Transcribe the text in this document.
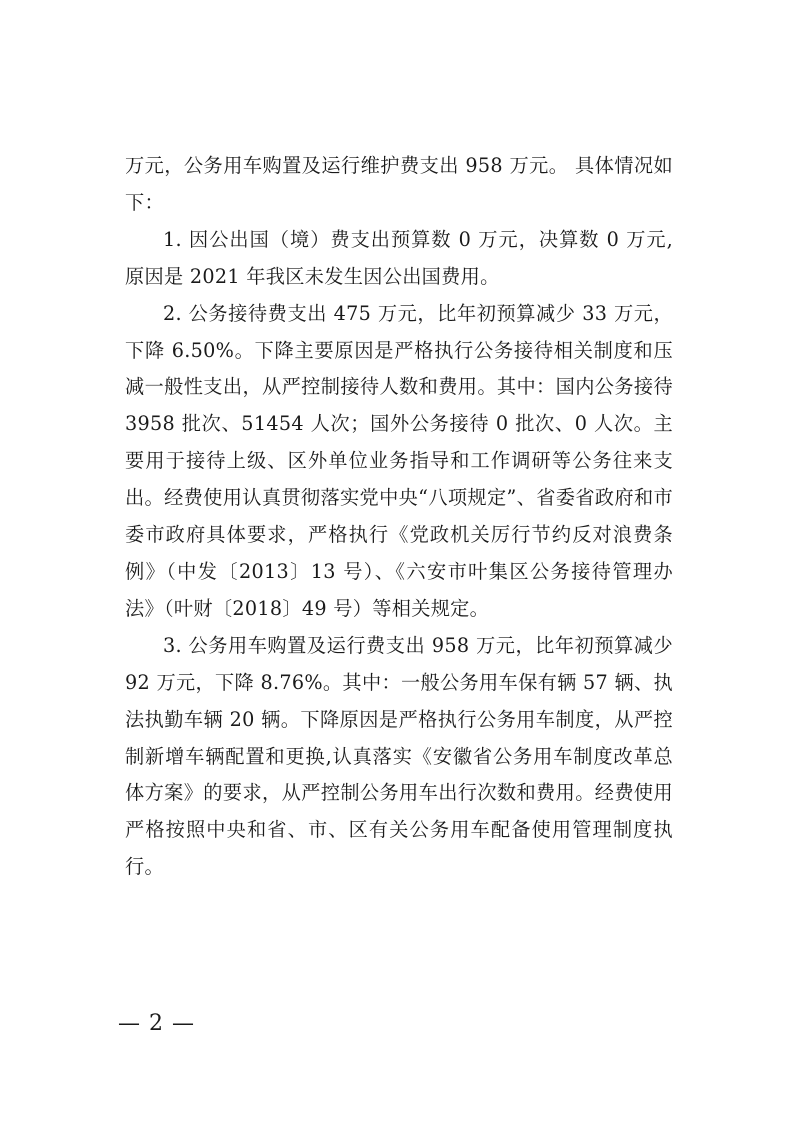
万元，公务用车购置及运行维护费支出 958 万元。 具体情况如下：

1. 因公出国（境）费支出预算数 0 万元，决算数 0 万元,原因是 2021 年我区未发生因公出国费用。

2. 公务接待费支出 475 万元，比年初预算减少 33 万元，下降 6.50%。下降主要原因是严格执行公务接待相关制度和压减一般性支出，从严控制接待人数和费用。其中：国内公务接待 3958 批次、51454 人次；国外公务接待 0 批次、0 人次。主要用于接待上级、区外单位业务指导和工作调研等公务往来支出。经费使用认真贯彻落实党中央“八项规定”、省委省政府和市委市政府具体要求，严格执行《党政机关厉行节约反对浪费条例》（中发〔2013〕13 号）、《六安市叶集区公务接待管理办法》（叶财〔2018〕49 号）等相关规定。

3. 公务用车购置及运行费支出 958 万元，比年初预算减少 92 万元，下降 8.76%。其中：一般公务用车保有辆 57 辆、执法执勤车辆 20 辆。下降原因是严格执行公务用车制度，从严控制新增车辆配置和更换,认真落实《安徽省公务用车制度改革总体方案》的要求，从严控制公务用车出行次数和费用。经费使用严格按照中央和省、市、区有关公务用车配备使用管理制度执行。

— 2 —
